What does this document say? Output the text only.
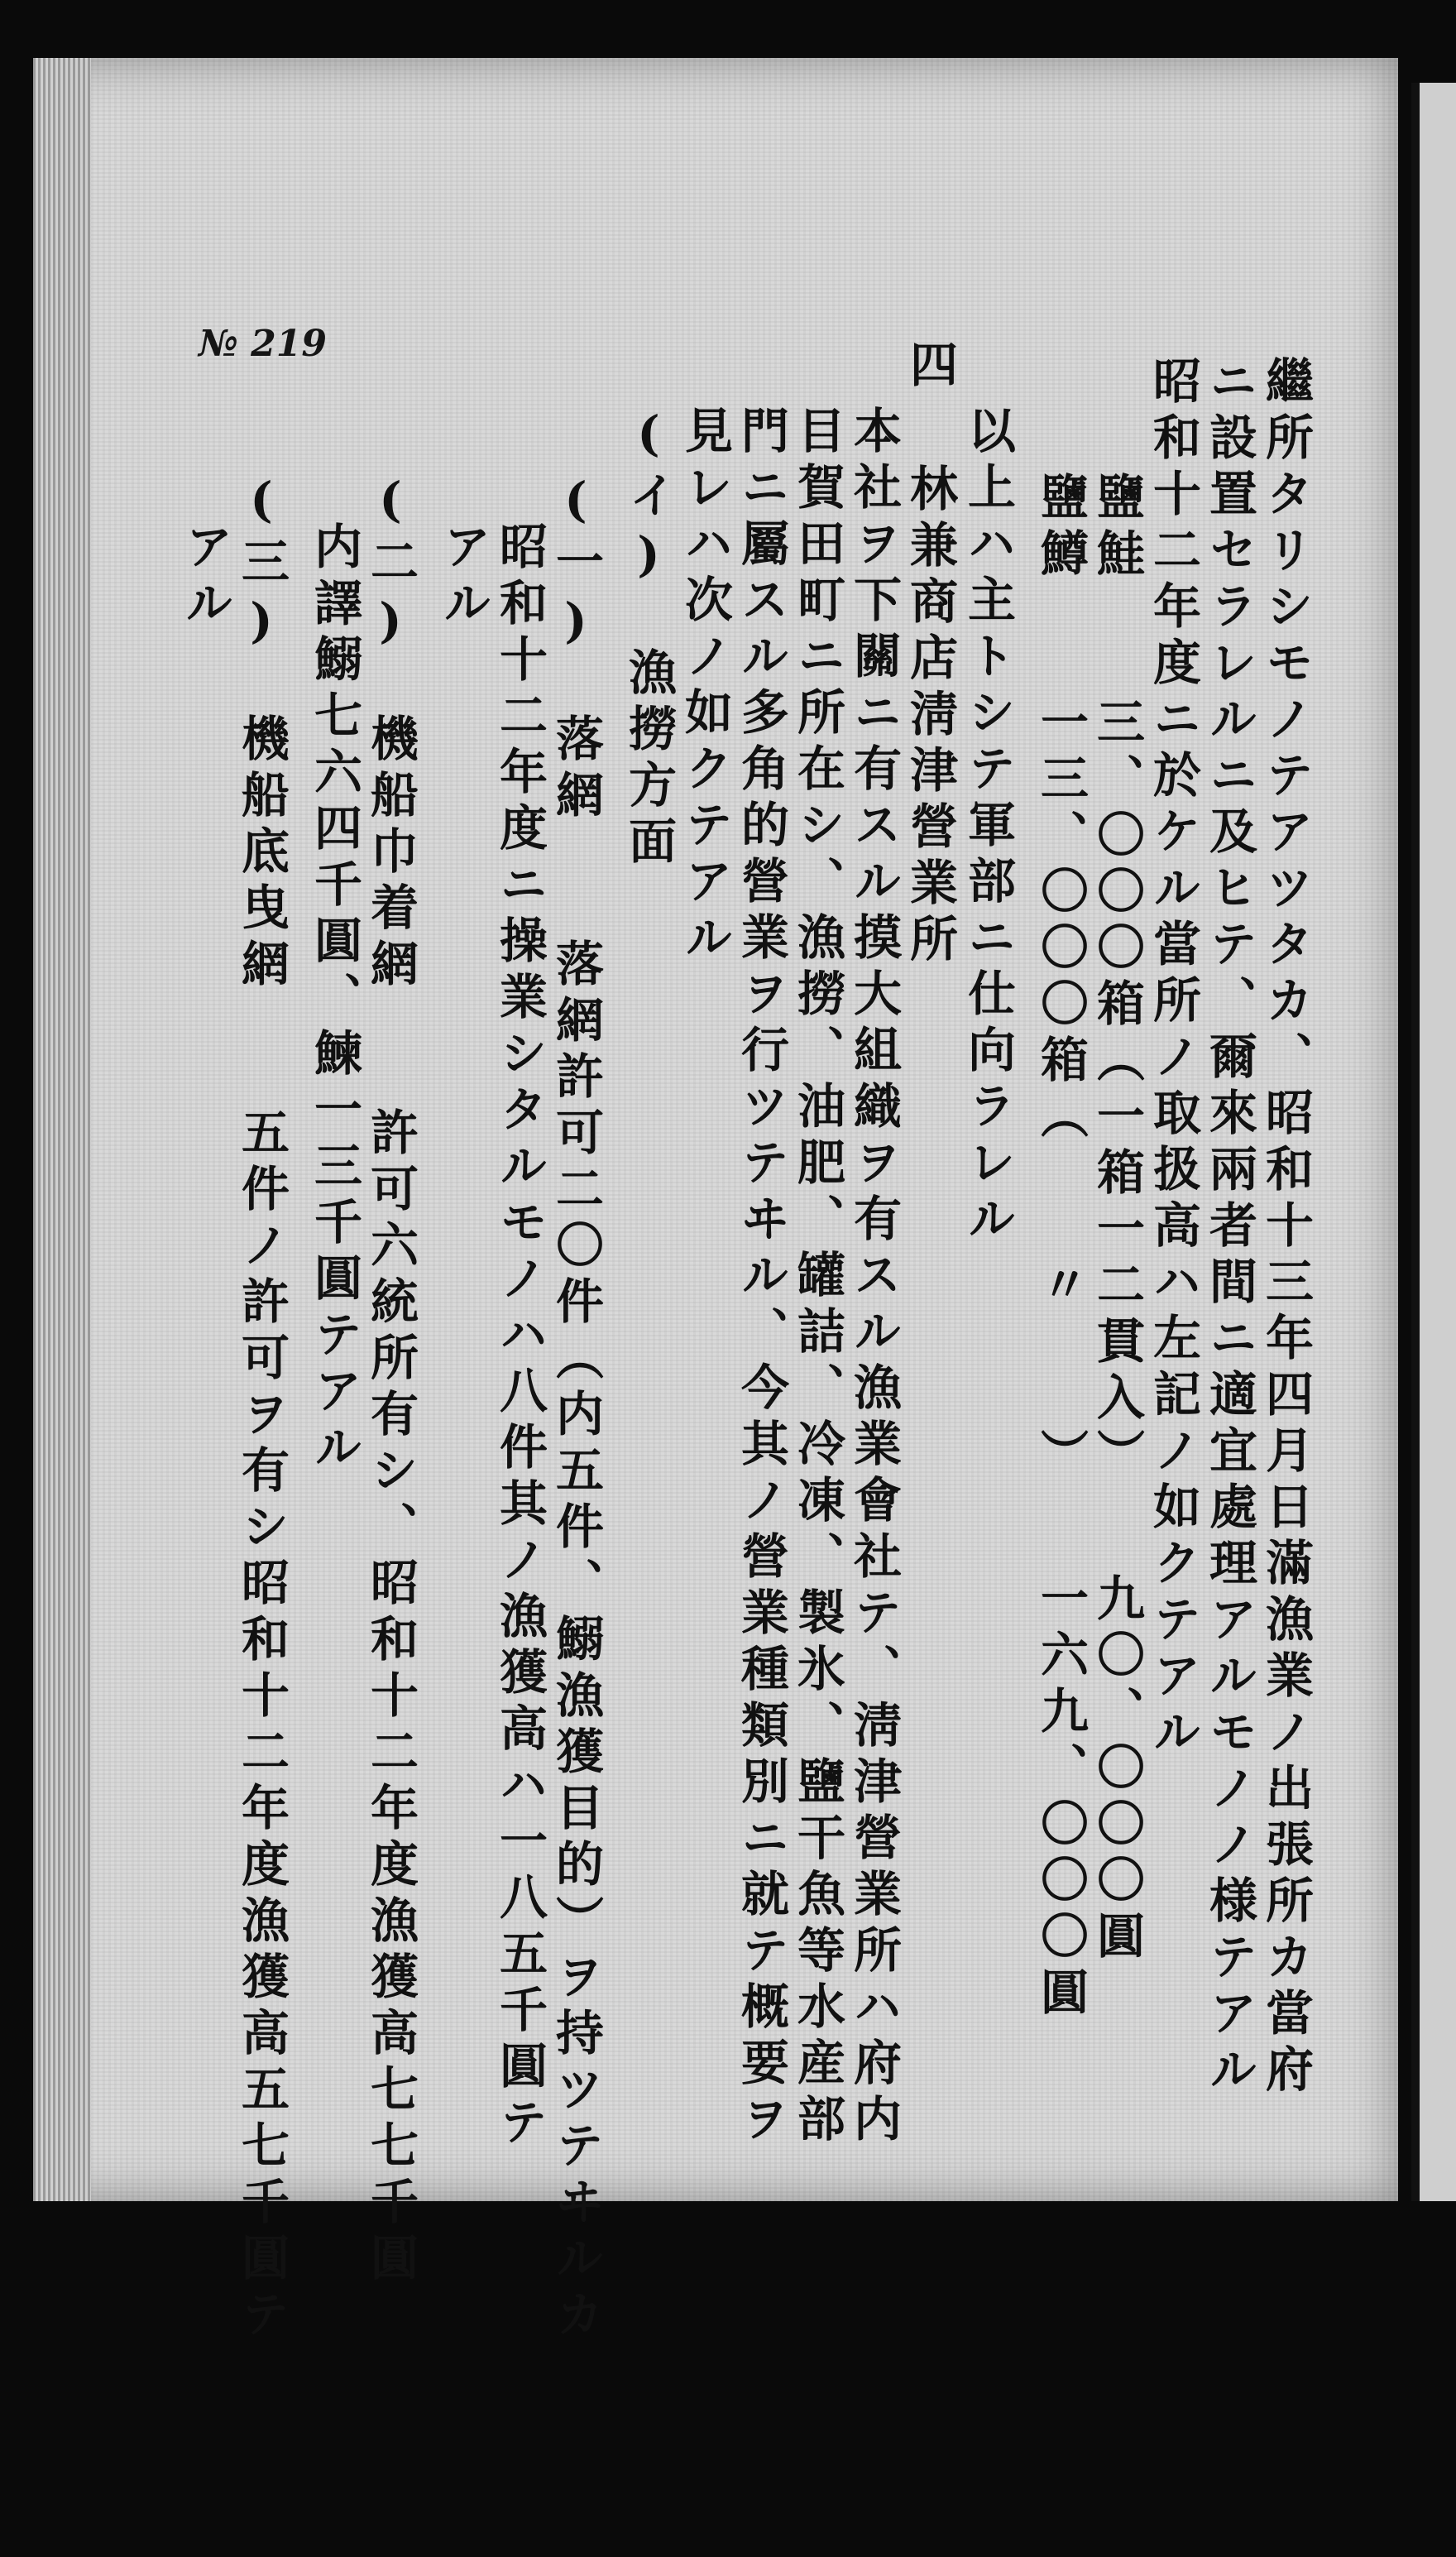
№ 219
繼所タリシモノテアツタカ、昭和十三年四月日滿漁業ノ出張所カ當府
ニ設置セラレルニ及ヒテ、爾來兩者間ニ適宜處理アルモノノ様テアル
昭和十二年度ニ於ケル當所ノ取扱高ハ左記ノ如クテアル
鹽鮭　　三、〇〇〇箱（一箱一二貫入）　　九〇、〇〇〇圓
鹽鱒　　一三、〇〇〇箱（　　〃　　）　　一六九、〇〇〇圓
以上ハ主トシテ軍部ニ仕向ラレル
四
林兼商店淸津營業所
本社ヲ下關ニ有スル摸大組織ヲ有スル漁業會社テ、淸津營業所ハ府内
目賀田町ニ所在シ、漁撈、油肥、罐詰、冷凍、製氷、鹽干魚等水産部
門ニ屬スル多角的營業ヲ行ツテヰル、今其ノ營業種類別ニ就テ概要ヲ
見レハ次ノ如クテアル
(イ)　漁撈方面
(一)　落網　　落網許可二〇件（内五件、鰯漁獲目的）ヲ持ツテヰルカ
昭和十二年度ニ操業シタルモノハ八件其ノ漁獲高ハ一八五千圓テ
アル
(二)　機船巾着網　　許可六統所有シ、昭和十二年度漁獲高七七千圓
内譯鰯七六四千圓、鰊一三千圓テアル
(三)　機船底曳網　　五件ノ許可ヲ有シ昭和十二年度漁獲高五七千圓テ
アル
